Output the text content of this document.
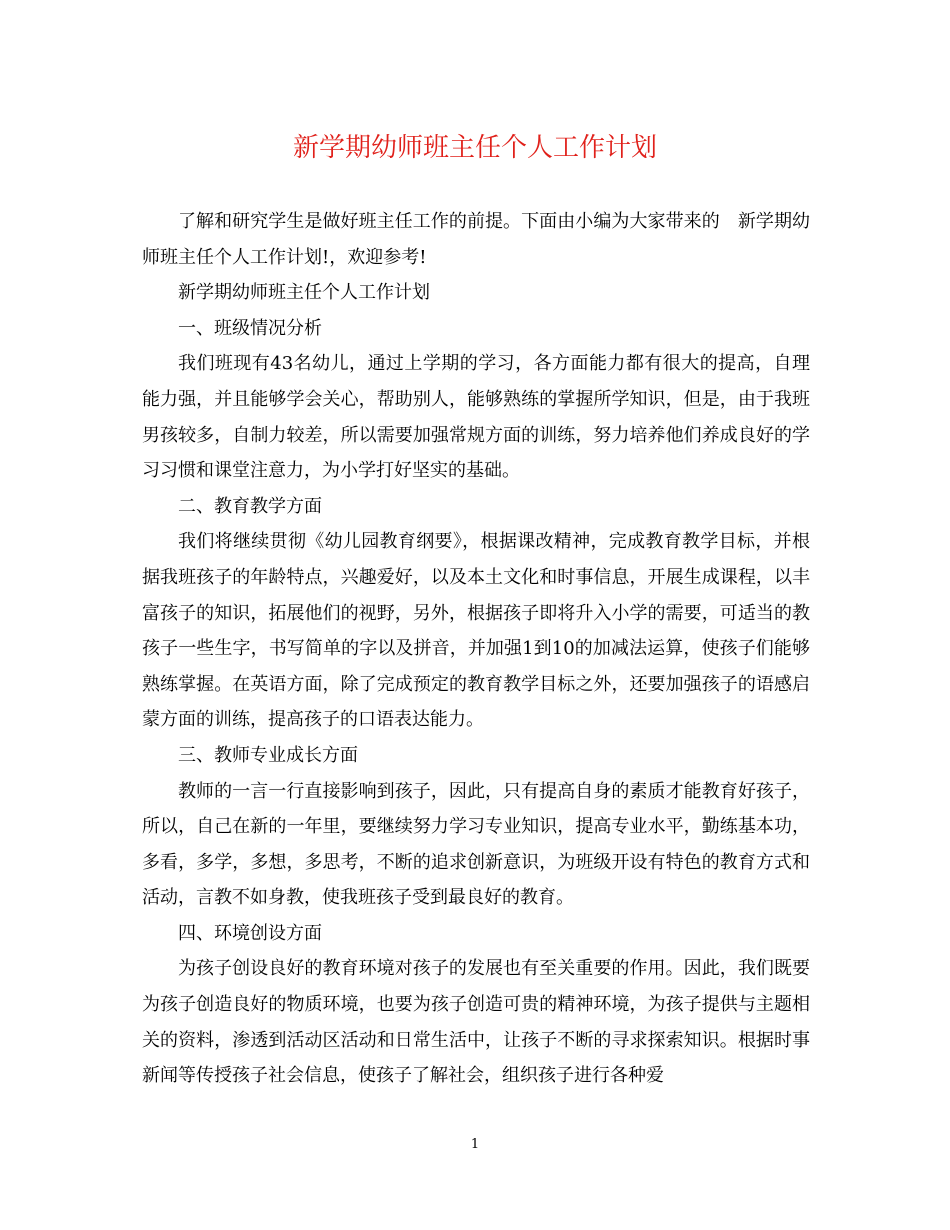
新学期幼师班主任个人工作计划

了解和研究学生是做好班主任工作的前提。下面由小编为大家带来的　新学期幼师班主任个人工作计划!，欢迎参考!

新学期幼师班主任个人工作计划

一、班级情况分析

我们班现有43名幼儿，通过上学期的学习，各方面能力都有很大的提高，自理能力强，并且能够学会关心，帮助别人，能够熟练的掌握所学知识，但是，由于我班男孩较多，自制力较差，所以需要加强常规方面的训练，努力培养他们养成良好的学习习惯和课堂注意力，为小学打好坚实的基础。

二、教育教学方面

我们将继续贯彻《幼儿园教育纲要》，根据课改精神，完成教育教学目标，并根据我班孩子的年龄特点，兴趣爱好，以及本土文化和时事信息，开展生成课程，以丰富孩子的知识，拓展他们的视野，另外，根据孩子即将升入小学的需要，可适当的教孩子一些生字，书写简单的字以及拼音，并加强1到10的加减法运算，使孩子们能够熟练掌握。在英语方面，除了完成预定的教育教学目标之外，还要加强孩子的语感启蒙方面的训练，提高孩子的口语表达能力。

三、教师专业成长方面

教师的一言一行直接影响到孩子，因此，只有提高自身的素质才能教育好孩子，所以，自己在新的一年里，要继续努力学习专业知识，提高专业水平，勤练基本功，多看，多学，多想，多思考，不断的追求创新意识，为班级开设有特色的教育方式和活动，言教不如身教，使我班孩子受到最良好的教育。

四、环境创设方面

为孩子创设良好的教育环境对孩子的发展也有至关重要的作用。因此，我们既要为孩子创造良好的物质环境，也要为孩子创造可贵的精神环境，为孩子提供与主题相关的资料，渗透到活动区活动和日常生活中，让孩子不断的寻求探索知识。根据时事新闻等传授孩子社会信息，使孩子了解社会，组织孩子进行各种爱

1
